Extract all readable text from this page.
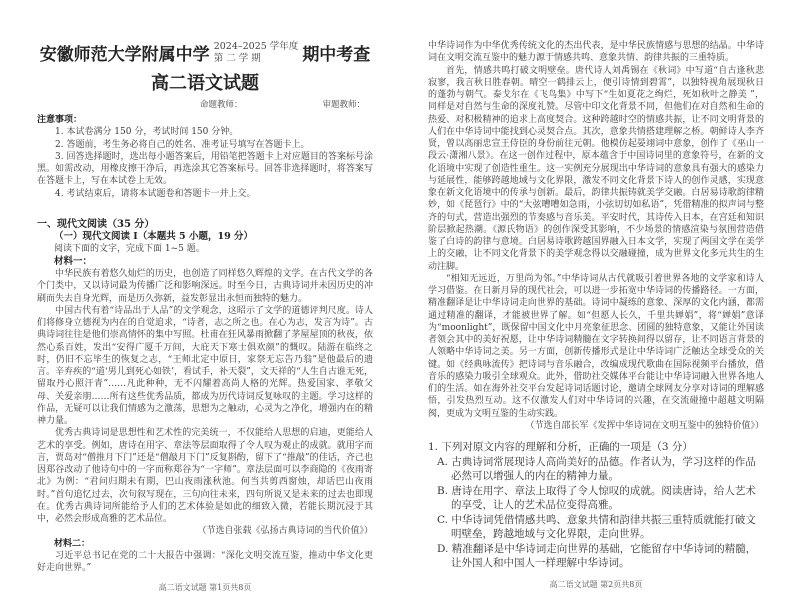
安徽师范大学附属中学 2024–2025 学年度
第 二 学 期	期中考查
高二语文试题
命题教师：	审题教师：
注意事项：
1. 本试卷满分 150 分，考试时间 150 分钟。
2. 答题前，考生务必将自己的姓名、准考证号填写在答题卡上。
3. 回答选择题时，选出每小题答案后，用铅笔把答题卡上对应题目的答案标号涂黑。如需改动，用橡皮擦干净后，再选涂其它答案标号。回答非选择题时，将答案写在答题卡上，写在本试卷上无效。
4. 考试结束后，请将本试题卷和答题卡一并上交。
一、现代文阅读（35 分）
（一）现代文阅读 I（本题共 5 小题，19 分）
阅读下面的文字，完成下面 1~5 题。
材料一：
中华民族有着悠久灿烂的历史，也创造了同样悠久辉煌的文学。在古代文学的各个门类中，又以诗词最为传播广泛和影响深远。时至今日，古典诗词并未因历史的冲刷而失去自身光辉，而是历久弥新，益发彰显出永恒而独特的魅力。
中国古代有着“诗品出于人品”的文学观念，这昭示了文学的道德评判尺度。诗人们将修身立德视为内在的自觉追求，“诗者，志之所之也。在心为志，发言为诗”。古典诗词往往是他们崇高情怀的集中写照。杜甫在狂风暴雨掀翻了茅屋屋顶的秋夜，依然心系百姓，发出“安得广厦千万间，大庇天下寒士俱欢颜”的慨叹。陆游在临终之时，仍旧不忘毕生的恢复之志，“王师北定中原日，家祭无忘告乃翁”是他最后的遗言。辛弃疾的“道‘男儿到死心如铁’，看试手，补天裂”，文天祥的“人生自古谁无死，留取丹心照汗青”……凡此种种，无不闪耀着高尚人格的光辉。热爱国家、孝敬父母、关爱亲朋……所有这些优秀品质，都成为历代诗词反复咏叹的主题。学习这样的作品，无疑可以让我们情感为之激荡，思想为之触动，心灵为之净化，增强内在的精神力量。
优秀古典诗词是思想性和艺术性的完美统一，不仅能给人思想的启迪，更能给人艺术的享受。例如，唐诗在用字、章法等层面取得了令人叹为观止的成就。就用字而言，贾岛对“僧推月下门”还是“僧敲月下门”反复斟酌，留下了“推敲”的佳话，齐己也因郑谷改动了他诗句中的一字而称郑谷为“一字师”。章法层面可以李商隐的《夜雨寄北》为例：“君问归期未有期，巴山夜雨涨秋池。何当共剪西窗烛，却话巴山夜雨时。”首句追忆过去，次句叙写现在，三句向往未来，四句所说又是未来的过去也即现在。优秀古典诗词所能给予人们的艺术体验是如此的细致入微，若能长期沉浸于其中，必然会形成高雅的艺术品位。
（节选自张载《弘扬古典诗词的当代价值》）
材料二：
习近平总书记在党的二十大报告中强调：“深化文明交流互鉴，推动中华文化更好走向世界。”
高二语文试题 第1页共8页
中华诗词作为中华优秀传统文化的杰出代表，是中华民族情感与思想的结晶。中华诗词在文明交流互鉴中的魅力源于情感共鸣、意象共情、韵律共振的三重特质。
首先，情感共鸣打破文明壁垒。唐代诗人刘禹锡在《秋词》中写道“自古逢秋悲寂寥，我言秋日胜春朝。晴空一鹤排云上，便引诗情到碧霄”，以独特视角展现秋日的蓬勃与朝气。泰戈尔在《飞鸟集》中写下“生如夏花之绚烂，死如秋叶之静美 ”，同样是对自然与生命的深度礼赞。尽管中印文化背景不同，但他们在对自然和生命的热爱、对积极精神的追求上高度契合。这种跨越时空的情感共振，让不同文明背景的人们在中华诗词中能找到心灵契合点。其次，意象共情搭建理解之桥。朝鲜诗人李齐贤，曾以高丽忠宣王侍臣的身份前往元朝。他模仿起晏翊词中意象，创作了《巫山一段云·潇湘八景》。在这一创作过程中，原本蕴含于中国诗词里的意象符号，在新的文化语境中实现了创造性重生。这一实例充分展现出中华诗词的意象具有强大的感染力与延展性，能够跨越地域与文化界限，激发不同文化背景下诗人的创作灵感，实现意象在新文化语境中的传承与创新。最后，韵律共振铸就美学交融。白居易诗歌韵律精妙，如《琵琶行》中的“大弦嘈嘈如急雨，小弦切切如私语”，凭借精准的拟声词与整齐的句式，营造出强烈的节奏感与音乐美。平安时代，其诗传入日本，在宫廷和知识阶层掀起热潮。《源氏物语》的创作深受其影响，不少场景的情感渲染与氛围营造借鉴了白诗的韵律与意境。白居易诗歌跨越国界融入日本文学，实现了两国文学在美学上的交融，让不同文化背景下的美学观念得以交融碰撞，成为世界文化多元共生的生动注脚。
“相知无远近，万里尚为邻。”中华诗词从古代就吸引着世界各地的文学家和诗人学习借鉴。在日新月异的现代社会，可以进一步拓宽中华诗词的传播路径。一方面，精准翻译是让中华诗词走向世界的基础。诗词中凝练的意象、深厚的文化内涵，都需通过精准的翻译，才能被世界了解。如“但愿人长久，千里共婵娟”，将“婵娟”意译为“moonlight”，既保留中国文化中月亮象征思念、团圆的独特意象，又能让外国读者领会其中的美好祝愿，让中华诗词精髓在文字转换间得以留存，让不同语言背景的人领略中华诗词之美。另一方面，创新传播形式是让中华诗词广泛触达全球受众的关键。如《经典咏流传》把诗词与音乐融合，改编成现代歌曲在国际视频平台播放，借音乐的感染力吸引全球观众。此外，借助社交媒体平台能让中华诗词融入世界各地人们的生活。如在海外社交平台发起诗词话题讨论，邀请全球网友分享对诗词的理解感悟，引发热烈互动。这不仅激发人们对中华诗词的兴趣，在交流碰撞中超越文明隔阂，更成为文明互鉴的生动实践。
（节选自邵长军《发挥中华诗词在文明互鉴中的独特价值》）
1. 下列对原文内容的理解和分析，正确的一项是（3 分）
A. 古典诗词常展现诗人高尚美好的品德。作者认为，学习这样的作品必然可以增强人的内在的精神力量。
B. 唐诗在用字、章法上取得了令人惊叹的成就。阅读唐诗，给人艺术的享受，让人的艺术品位变得高雅。
C. 中华诗词凭借情感共鸣、意象共情和韵律共振三重特质就能打破文明壁垒，跨越地域与文化界限，走向世界。
D. 精准翻译是中华诗词走向世界的基础，它能留存中华诗词的精髓，让外国人和中国人一样理解中华诗词。
高二语文试题 第2页共8页
